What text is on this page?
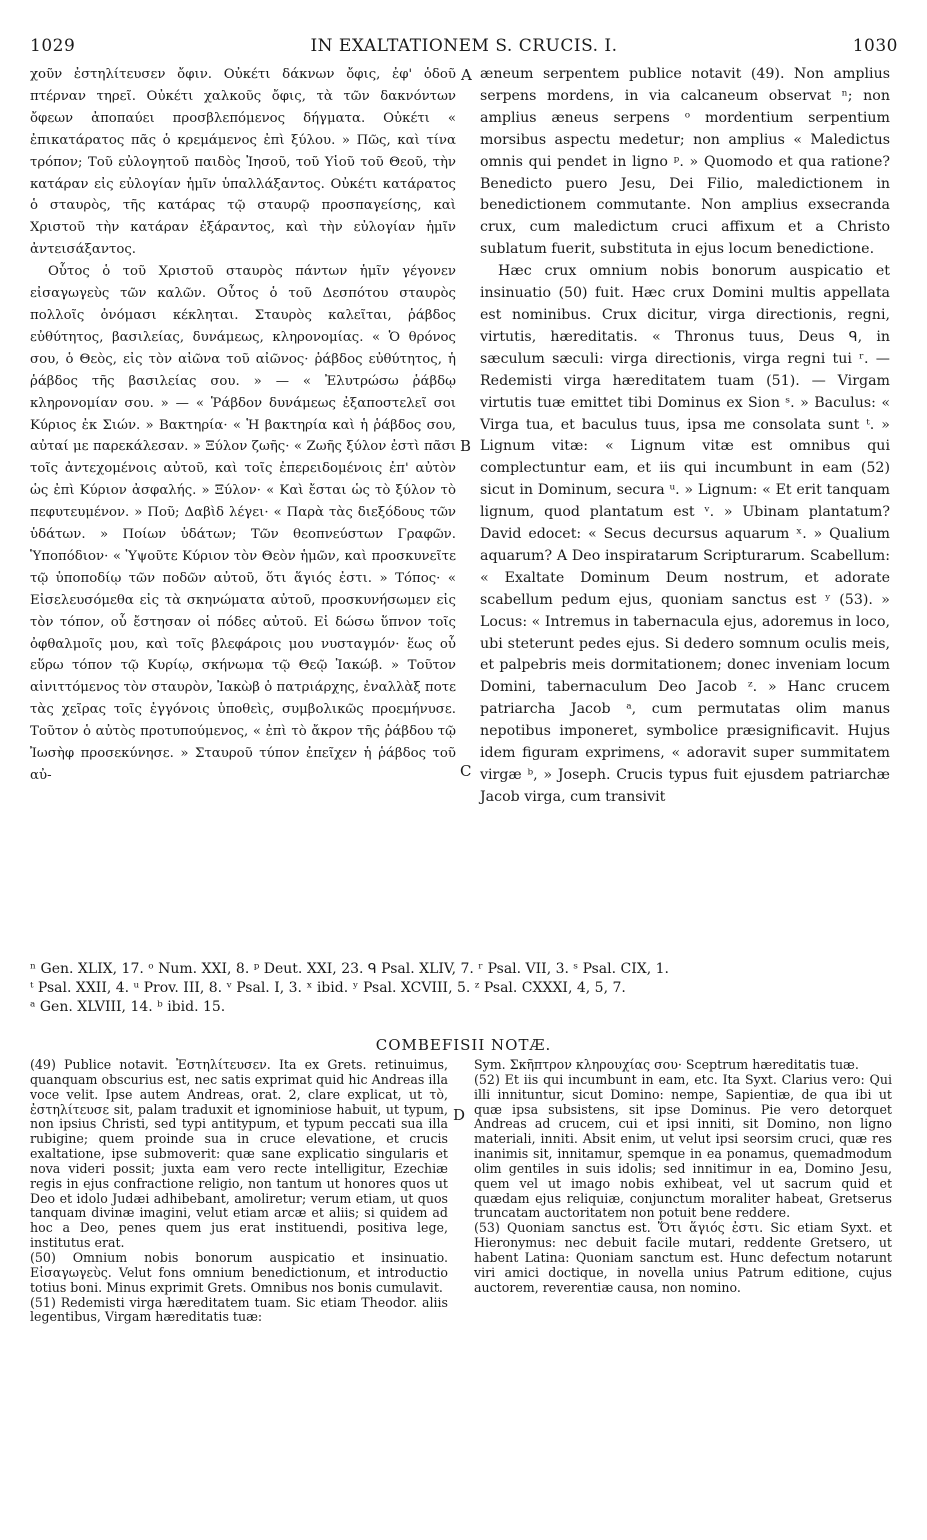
1029	IN EXALTATIONEM S. CRUCIS. I.	1030

χοῦν ἐστηλίτευσεν ὄφιν. Οὐκέτι δάκνων ὄφις, ἐφ' ὁδοῦ πτέρναν τηρεῖ. Οὐκέτι χαλκοῦς ὄφις, τὰ τῶν δακνόντων ὄφεων ἀποπαύει προσβλεπόμενος δήγματα. Οὐκέτι « ἐπικατάρατος πᾶς ὁ κρεμάμενος ἐπὶ ξύλου. » Πῶς, καὶ τίνα τρόπον; Τοῦ εὐλογητοῦ παιδὸς Ἰησοῦ, τοῦ Υἱοῦ τοῦ Θεοῦ, τὴν κατάραν εἰς εὐλογίαν ἡμῖν ὑπαλλάξαντος. Οὐκέτι κατάρατος ὁ σταυρὸς, τῆς κατάρας τῷ σταυρῷ προσπαγείσης, καὶ Χριστοῦ τὴν κατάραν ἐξάραντος, καὶ τὴν εὐλογίαν ἡμῖν ἀντεισάξαντος.

Οὗτος ὁ τοῦ Χριστοῦ σταυρὸς πάντων ἡμῖν γέγονεν εἰσαγωγεὺς τῶν καλῶν. Οὗτος ὁ τοῦ Δεσπότου σταυρὸς πολλοῖς ὀνόμασι κέκληται. Σταυρὸς καλεῖται, ῥάβδος εὐθύτητος, βασιλείας, δυνάμεως, κληρονομίας. « Ὁ θρόνος σου, ὁ Θεὸς, εἰς τὸν αἰῶνα τοῦ αἰῶνος· ῥάβδος εὐθύτητος, ἡ ῥάβδος τῆς βασιλείας σου. » — « Ἐλυτρώσω ῥάβδῳ κληρονομίαν σου. » — « Ῥάβδον δυνάμεως ἐξαποστελεῖ σοι Κύριος ἐκ Σιών. » Βακτηρία· « Ἡ βακτηρία καὶ ἡ ῥάβδος σου, αὐταί με παρεκάλεσαν. » Ξύλον ζωῆς· « Ζωῆς ξύλον ἐστὶ πᾶσι τοῖς ἀντεχομένοις αὐτοῦ, καὶ τοῖς ἐπερειδομένοις ἐπ' αὐτὸν ὡς ἐπὶ Κύριον ἀσφαλής. » Ξύλον· « Καὶ ἔσται ὡς τὸ ξύλον τὸ πεφυτευμένον. » Ποῦ; Δαβὶδ λέγει· « Παρὰ τὰς διεξόδους τῶν ὑδάτων. » Ποίων ὑδάτων; Τῶν θεοπνεύστων Γραφῶν. Ὑποπόδιον· « Ὑψοῦτε Κύριον τὸν Θεὸν ἡμῶν, καὶ προσκυνεῖτε τῷ ὑποποδίῳ τῶν ποδῶν αὐτοῦ, ὅτι ἅγιός ἐστι. » Τόπος· « Εἰσελευσόμεθα εἰς τὰ σκηνώματα αὐτοῦ, προσκυνήσωμεν εἰς τὸν τόπον, οὗ ἔστησαν οἱ πόδες αὐτοῦ. Εἰ δώσω ὕπνον τοῖς ὀφθαλμοῖς μου, καὶ τοῖς βλεφάροις μου νυσταγμόν· ἕως οὗ εὕρω τόπον τῷ Κυρίῳ, σκήνωμα τῷ Θεῷ Ἰακώβ. » Τοῦτον αἰνιττόμενος τὸν σταυρὸν, Ἰακὼβ ὁ πατριάρχης, ἐναλλὰξ ποτε τὰς χεῖρας τοῖς ἐγγόνοις ὑποθεὶς, συμβολικῶς προεμήνυσε. Τοῦτον ὁ αὐτὸς προτυπούμενος, « ἐπὶ τὸ ἄκρον τῆς ῥάβδου τῷ Ἰωσὴφ προσεκύνησε. » Σταυροῦ τύπον ἐπεῖχεν ἡ ῥάβδος τοῦ αὐ-

A
B
C
D

æneum serpentem publice notavit (49). Non amplius serpens mordens, in via calcaneum observat ⁿ; non amplius æneus serpens ᵒ mordentium serpentium morsibus aspectu medetur; non amplius « Maledictus omnis qui pendet in ligno ᵖ. » Quomodo et qua ratione? Benedicto puero Jesu, Dei Filio, maledictionem in benedictionem commutante. Non amplius exsecranda crux, cum maledictum cruci affixum et a Christo sublatum fuerit, substituta in ejus locum benedictione.

Hæc crux omnium nobis bonorum auspicatio et insinuatio (50) fuit. Hæc crux Domini multis appellata est nominibus. Crux dicitur, virga directionis, regni, virtutis, hæreditatis. « Thronus tuus, Deus ᑫ, in sæculum sæculi: virga directionis, virga regni tui ʳ. — Redemisti virga hæreditatem tuam (51). — Virgam virtutis tuæ emittet tibi Dominus ex Sion ˢ. » Baculus: « Virga tua, et baculus tuus, ipsa me consolata sunt ᵗ. » Lignum vitæ: « Lignum vitæ est omnibus qui complectuntur eam, et iis qui incumbunt in eam (52) sicut in Dominum, secura ᵘ. » Lignum: « Et erit tanquam lignum, quod plantatum est ᵛ. » Ubinam plantatum? David edocet: « Secus decursus aquarum ˣ. » Qualium aquarum? A Deo inspiratarum Scripturarum. Scabellum: « Exaltate Dominum Deum nostrum, et adorate scabellum pedum ejus, quoniam sanctus est ʸ (53). » Locus: « Intremus in tabernacula ejus, adoremus in loco, ubi steterunt pedes ejus. Si dedero somnum oculis meis, et palpebris meis dormitationem; donec inveniam locum Domini, tabernaculum Deo Jacob ᶻ. » Hanc crucem patriarcha Jacob ᵃ, cum permutatas olim manus nepotibus imponeret, symbolice præsignificavit. Hujus idem figuram exprimens, « adoravit super summitatem virgæ ᵇ, » Joseph. Crucis typus fuit ejusdem patriarchæ Jacob virga, cum transivit

ⁿ Gen. XLIX, 17. ᵒ Num. XXI, 8. ᵖ Deut. XXI, 23. ᑫ Psal. XLIV, 7. ʳ Psal. VII, 3. ˢ Psal. CIX, 1.
ᵗ Psal. XXII, 4. ᵘ Prov. III, 8. ᵛ Psal. I, 3. ˣ ibid. ʸ Psal. XCVIII, 5. ᶻ Psal. CXXXI, 4, 5, 7.
ᵃ Gen. XLVIII, 14. ᵇ ibid. 15.
COMBEFISII NOTÆ.

(49) Publice notavit. Ἐστηλίτευσεν. Ita ex Grets. retinuimus, quanquam obscurius est, nec satis exprimat quid hic Andreas illa voce velit. Ipse autem Andreas, orat. 2, clare explicat, ut τὸ, ἐστηλίτευσε sit, palam traduxit et ignominiose habuit, ut typum, non ipsius Christi, sed typi antitypum, et typum peccati sua illa rubigine; quem proinde sua in cruce elevatione, et crucis exaltatione, ipse submoverit: quæ sane explicatio singularis et nova videri possit; juxta eam vero recte intelligitur, Ezechiæ regis in ejus confractione religio, non tantum ut honores quos ut Deo et idolo Judæi adhibebant, amoliretur; verum etiam, ut quos tanquam divinæ imagini, velut etiam arcæ et aliis; si quidem ad hoc a Deo, penes quem jus erat instituendi, positiva lege, institutus erat.

(50) Omnium nobis bonorum auspicatio et insinuatio. Εἰσαγωγεὺς. Velut fons omnium benedictionum, et introductio totius boni. Minus exprimit Grets. Omnibus nos bonis cumulavit.

(51) Redemisti virga hæreditatem tuam. Sic etiam Theodor. aliis legentibus, Virgam hæreditatis tuæ:

Sym. Σκῆπτρον κληρουχίας σου· Sceptrum hæreditatis tuæ.

(52) Et iis qui incumbunt in eam, etc. Ita Syxt. Clarius vero: Qui illi innituntur, sicut Domino: nempe, Sapientiæ, de qua ibi ut quæ ipsa subsistens, sit ipse Dominus. Pie vero detorquet Andreas ad crucem, cui et ipsi inniti, sit Domino, non ligno materiali, inniti. Absit enim, ut velut ipsi seorsim cruci, quæ res inanimis sit, innitamur, spemque in ea ponamus, quemadmodum olim gentiles in suis idolis; sed innitimur in ea, Domino Jesu, quem vel ut imago nobis exhibeat, vel ut sacrum quid et quædam ejus reliquiæ, conjunctum moraliter habeat, Gretserus truncatam auctoritatem non potuit bene reddere.

(53) Quoniam sanctus est. Ὅτι ἅγιός ἐστι. Sic etiam Syxt. et Hieronymus: nec debuit facile mutari, reddente Gretsero, ut habent Latina: Quoniam sanctum est. Hunc defectum notarunt viri amici doctique, in novella unius Patrum editione, cujus auctorem, reverentiæ causa, non nomino.
